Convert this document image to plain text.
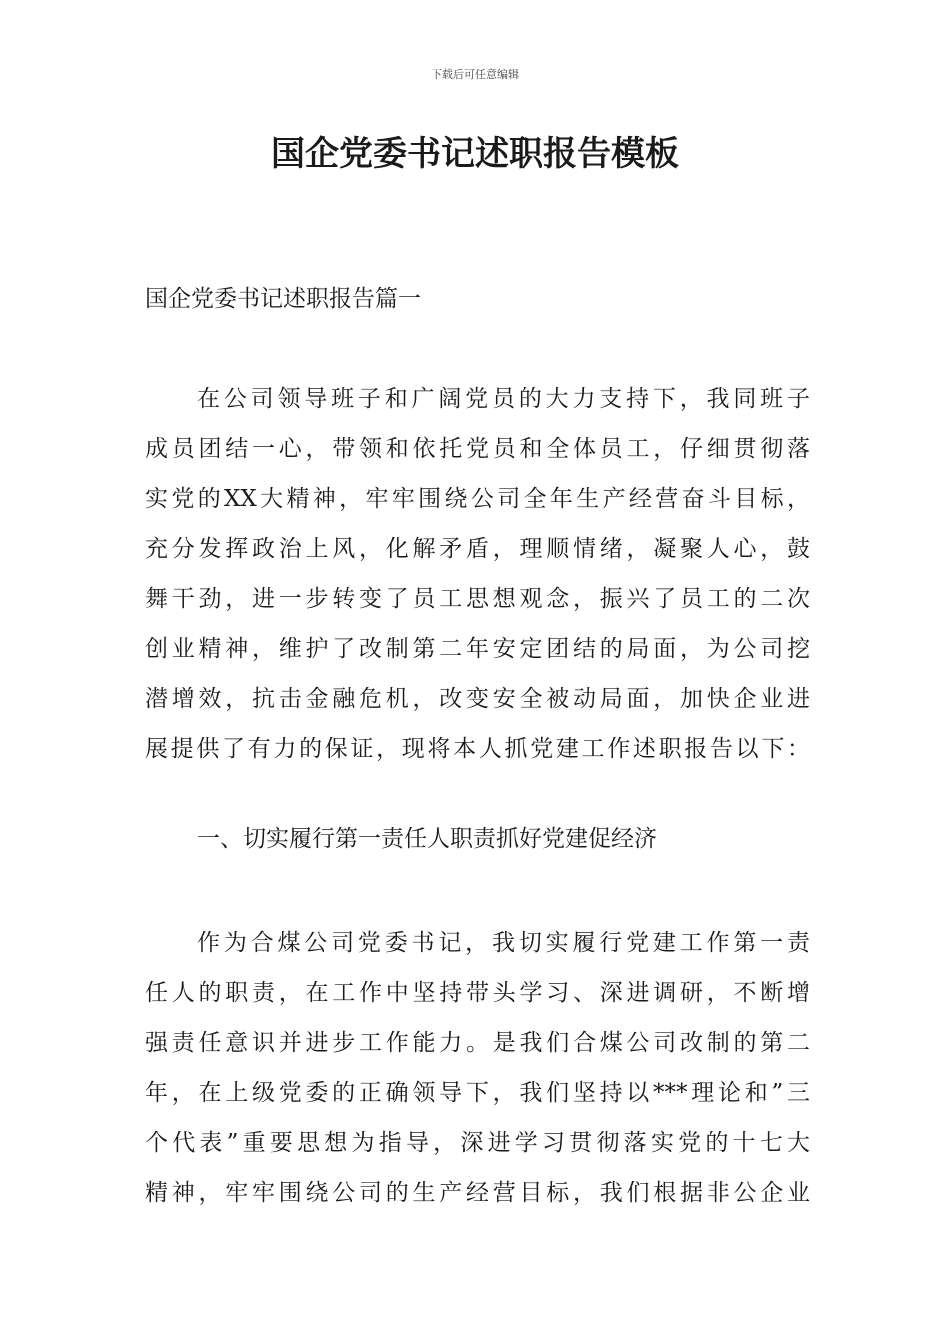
下载后可任意编辑
国企党委书记述职报告模板
国企党委书记述职报告篇一
在公司领导班子和广阔党员的大力支持下，我同班子
成员团结一心，带领和依托党员和全体员工，仔细贯彻落
实党的XX大精神，牢牢围绕公司全年生产经营奋斗目标，
充分发挥政治上风，化解矛盾，理顺情绪，凝聚人心，鼓
舞干劲，进一步转变了员工思想观念，振兴了员工的二次
创业精神，维护了改制第二年安定团结的局面，为公司挖
潜增效，抗击金融危机，改变安全被动局面，加快企业进
展提供了有力的保证，现将本人抓党建工作述职报告以下：
一、切实履行第一责任人职责抓好党建促经济
作为合煤公司党委书记，我切实履行党建工作第一责
任人的职责，在工作中坚持带头学习、深进调研，不断增
强责任意识并进步工作能力。是我们合煤公司改制的第二
年，在上级党委的正确领导下，我们坚持以***理论和”三
个代表”重要思想为指导，深进学习贯彻落实党的十七大
精神，牢牢围绕公司的生产经营目标，我们根据非公企业
